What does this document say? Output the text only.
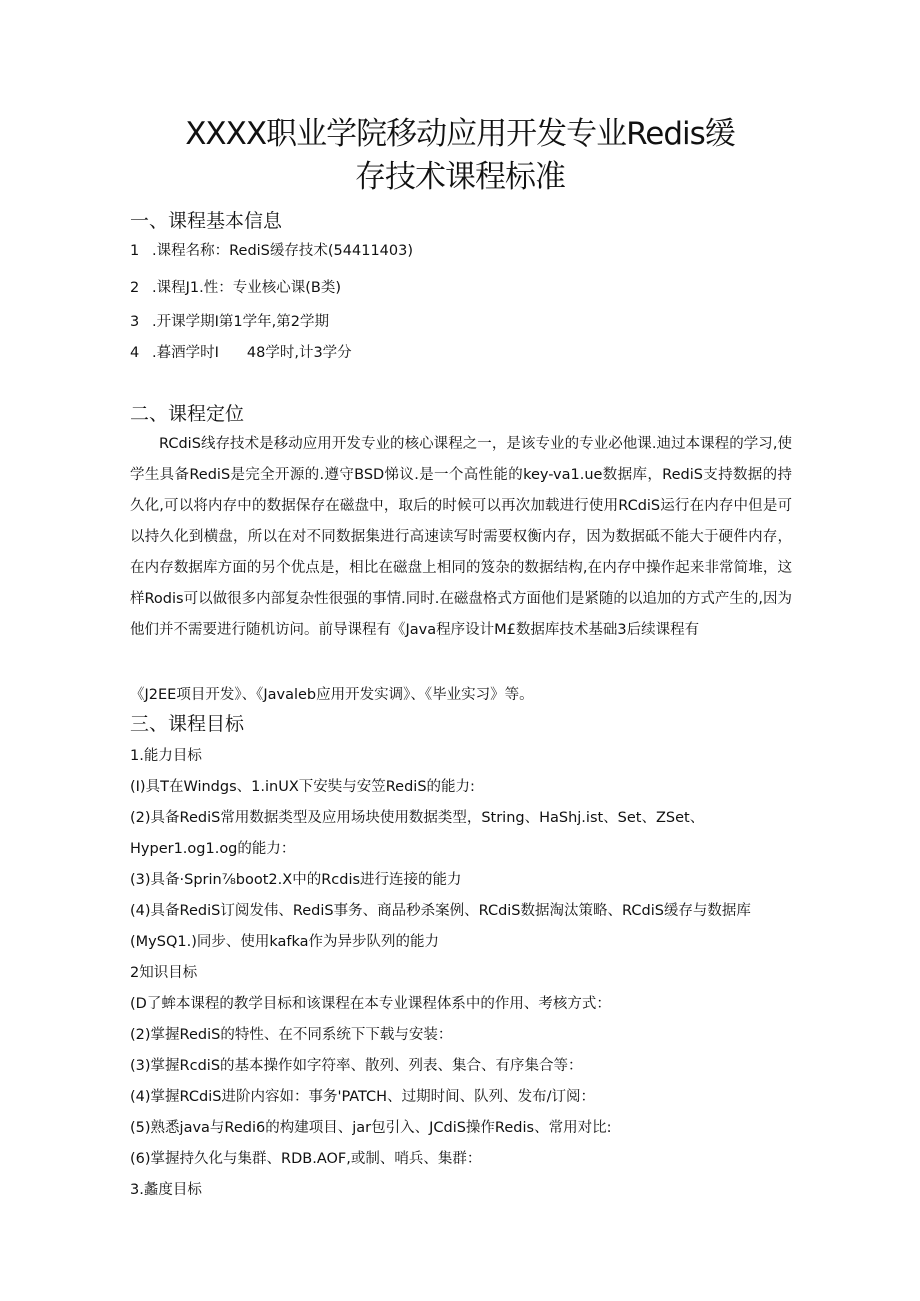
XXXX职业学院移动应用开发专业Redis缓
存技术课程标准
一、课程基本信息
1 .课程名称：RediS缓存技术(54411403)
2 .课程J1.性：专业核心课(B类)
3 .开课学期I第1学年,第2学期
4 .暮酒学时I 48学时,计3学分
二、课程定位

RCdiS线存技术是移动应用开发专业的核心课程之一，是该专业的专业必他课.迪过本课程的学习,使学生具备RediS是完全开源的.遵守BSD悌议.是一个高性能的key-va1.ue数据库，RediS支持数据的持久化,可以将内存中的数据保存在磁盘中，取后的时候可以再次加载进行使用RCdiS运行在内存中但是可以持久化到横盘，所以在对不同数据集进行高速读写时需要权衡内存，因为数据砥不能大于硬件内存，在内存数据库方面的另个优点是，相比在磁盘上相同的笈杂的数据结构,在内存中操作起来非常简堆，这样Rodis可以做很多内部复杂性很强的事情.同时.在磁盘格式方面他们是紧随的以追加的方式产生的,因为他们并不需要进行随机访问。前导课程有《Java程序设计M£数据库技术基础3后续课程有

《J2EE项目开发》、《Javaleb应用开发实调》、《毕业实习》等。
三、课程目标
1.能力目标
(I)具T在Windgs、1.inUX下安奘与安笠RediS的能力:
(2)具备RediS常用数据类型及应用场块使用数据类型，String、HaShj.ist、Set、ZSet、
Hyper1.og1.og的能力：
(3)具备·Sprin⅞boot2.X中的Rcdis进行连接的能力
(4)具备RediS订阅发伟、RediS事务、商品秒杀案例、RCdiS数据淘汰策略、RCdiS缓存与数据库
(MySQ1.)同步、使用kafka作为异步队列的能力
2知识目标
(D了蛑本课程的教学目标和该课程在本专业课程体系中的作用、考核方式：
(2)掌握RediS的特性、在不同系统下下载与安装：
(3)掌握RcdiS的基本操作如字符率、散列、列表、集合、有序集合等：
(4)掌握RCdiS进阶内容如：事务'PATCH、过期时间、队列、发布/订阅：
(5)熟悉java与Redi6的构建项目、jar包引入、JCdiS操作Redis、常用对比:
(6)掌握持久化与集群、RDB.AOF,或制、哨兵、集群：
3.蠡度目标
